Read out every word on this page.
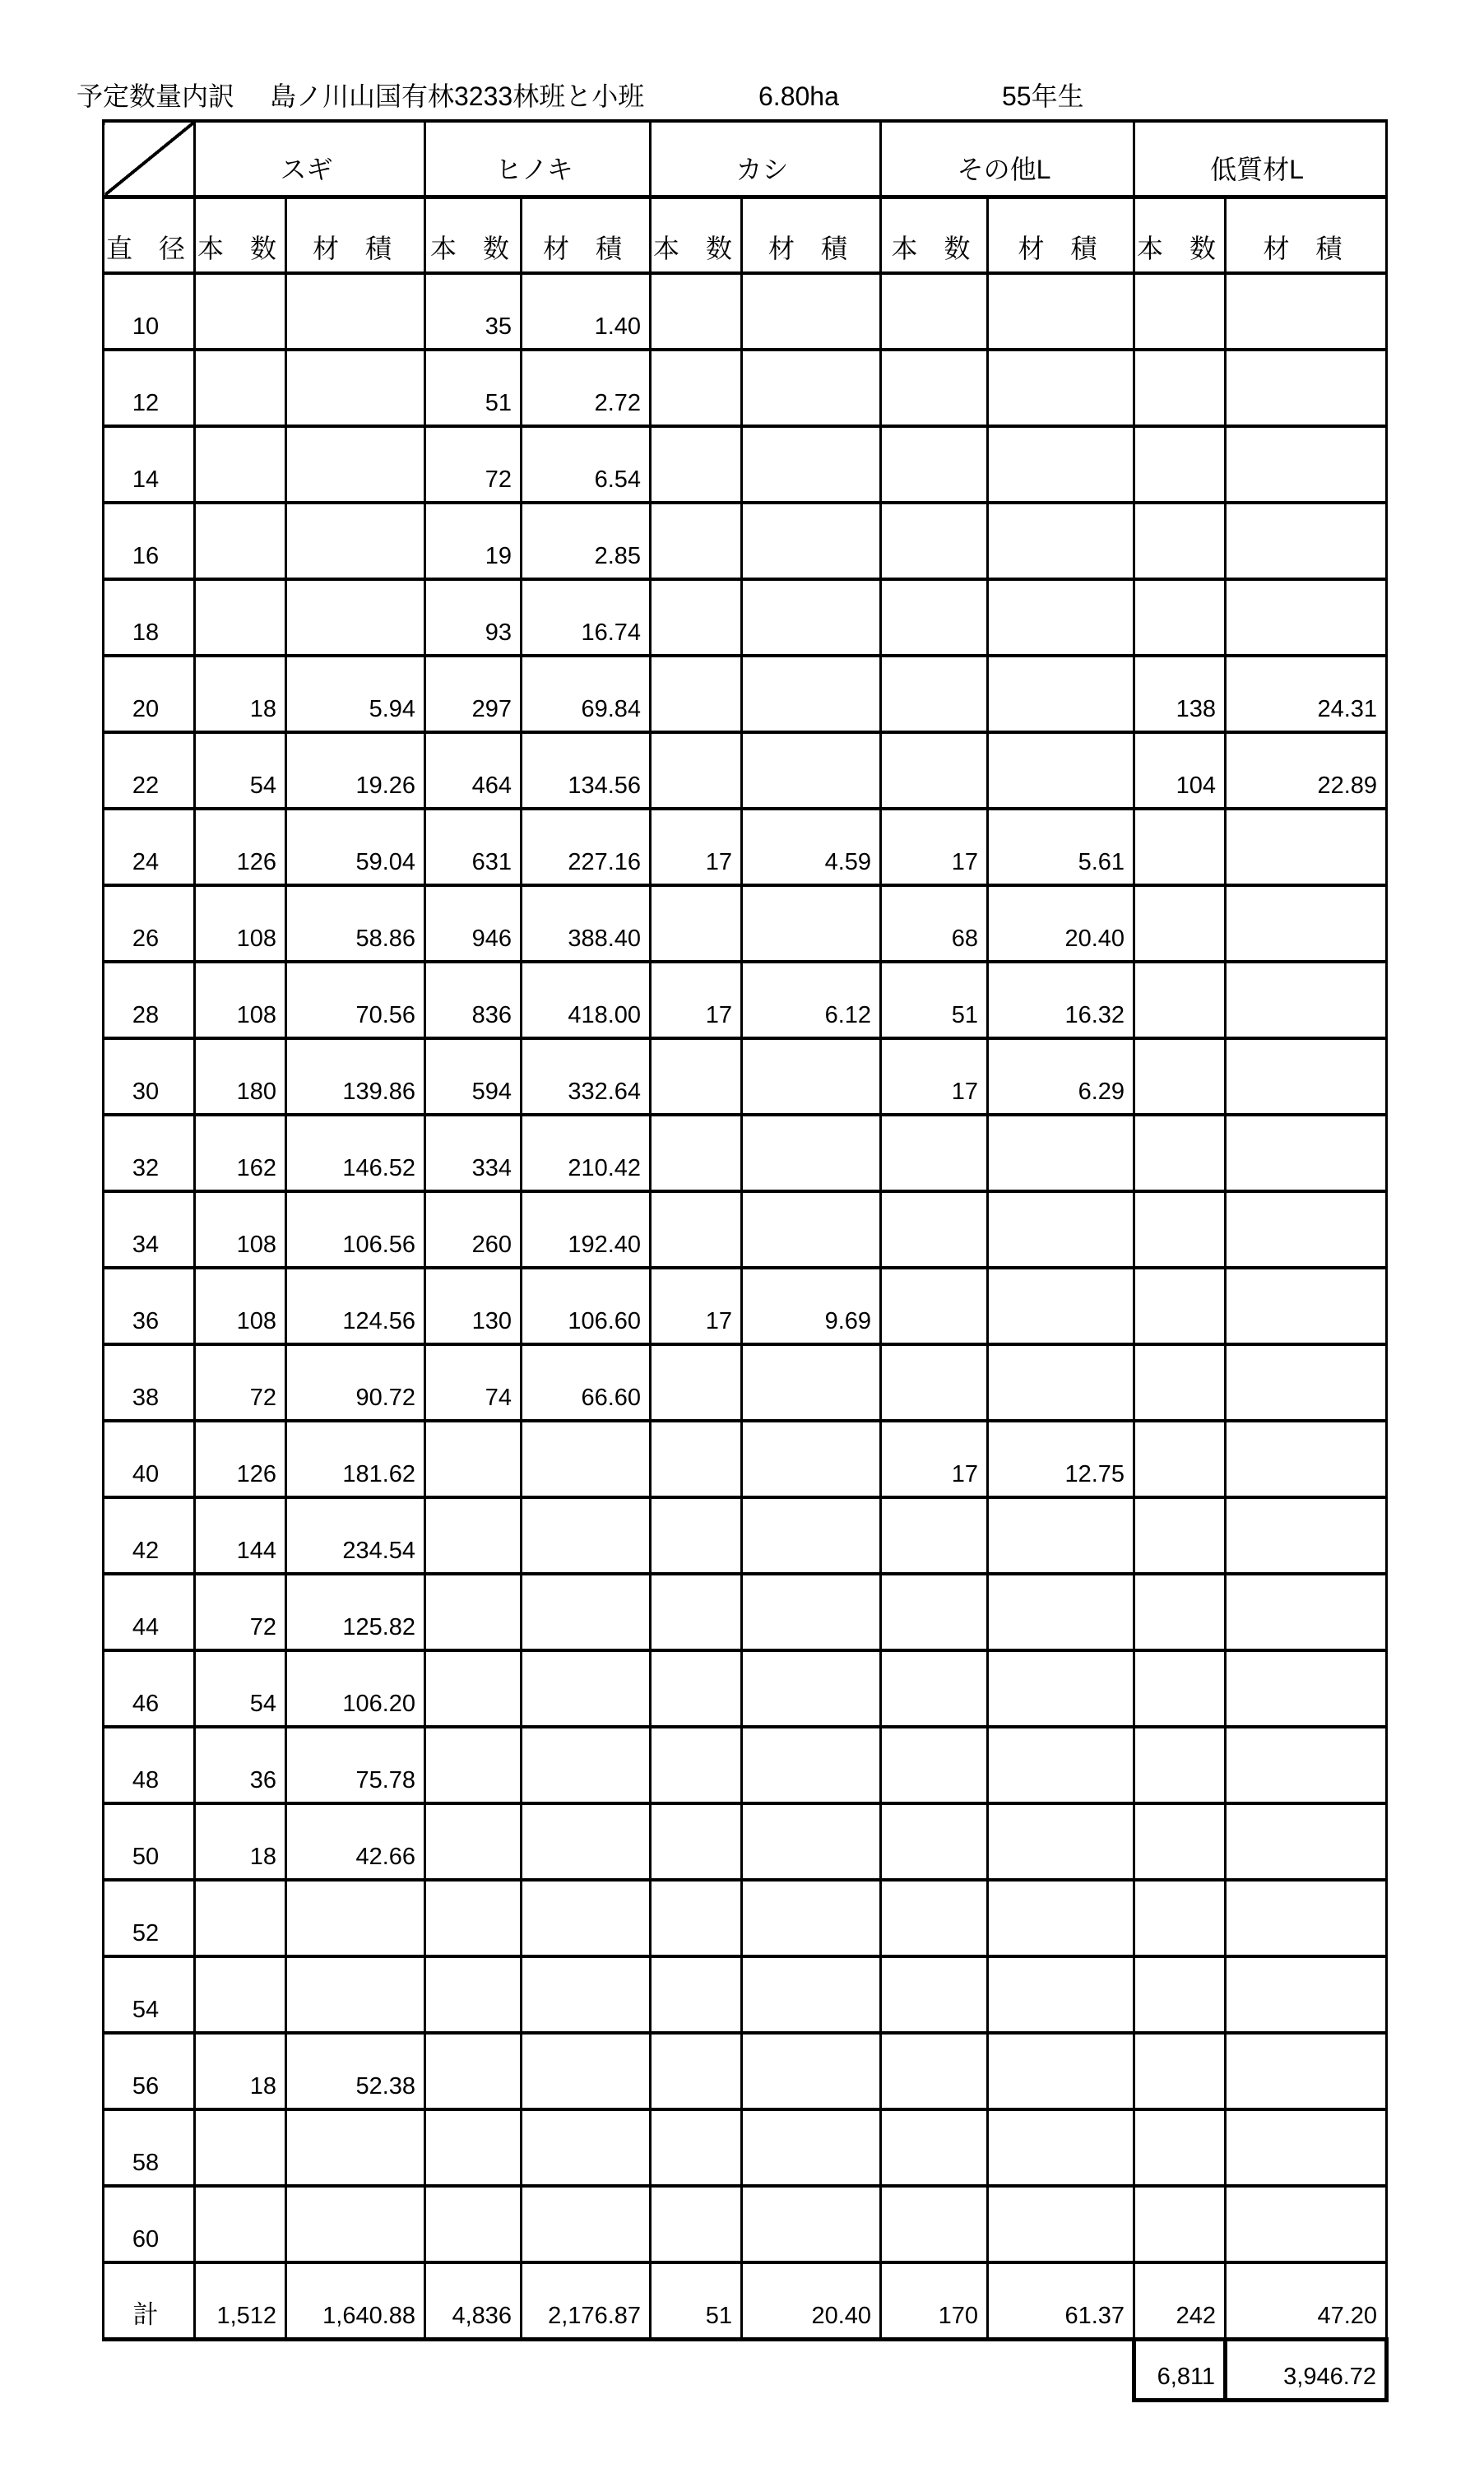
予定数量内訳 島ノ川山国有林3233林班と小班	6.80ha	55年生
	スギ		ヒノキ		カシ		その他L		低質材L	
直　径	本　数	材　積	本　数	材　積	本　数	材　積	本　数	材　積	本　数	材　積
10			35	1.40						
12			51	2.72						
14			72	6.54						
16			19	2.85						
18			93	16.74						
20	18	5.94	297	69.84					138	24.31
22	54	19.26	464	134.56					104	22.89
24	126	59.04	631	227.16	17	4.59	17	5.61		
26	108	58.86	946	388.40			68	20.40		
28	108	70.56	836	418.00	17	6.12	51	16.32		
30	180	139.86	594	332.64			17	6.29		
32	162	146.52	334	210.42						
34	108	106.56	260	192.40						
36	108	124.56	130	106.60	17	9.69				
38	72	90.72	74	66.60						
40	126	181.62					17	12.75		
42	144	234.54								
44	72	125.82								
46	54	106.20								
48	36	75.78								
50	18	42.66								
52										
54										
56	18	52.38								
58										
60										
計	1,512	1,640.88	4,836	2,176.87	51	20.40	170	61.37	242	47.20
									6,811	3,946.72
